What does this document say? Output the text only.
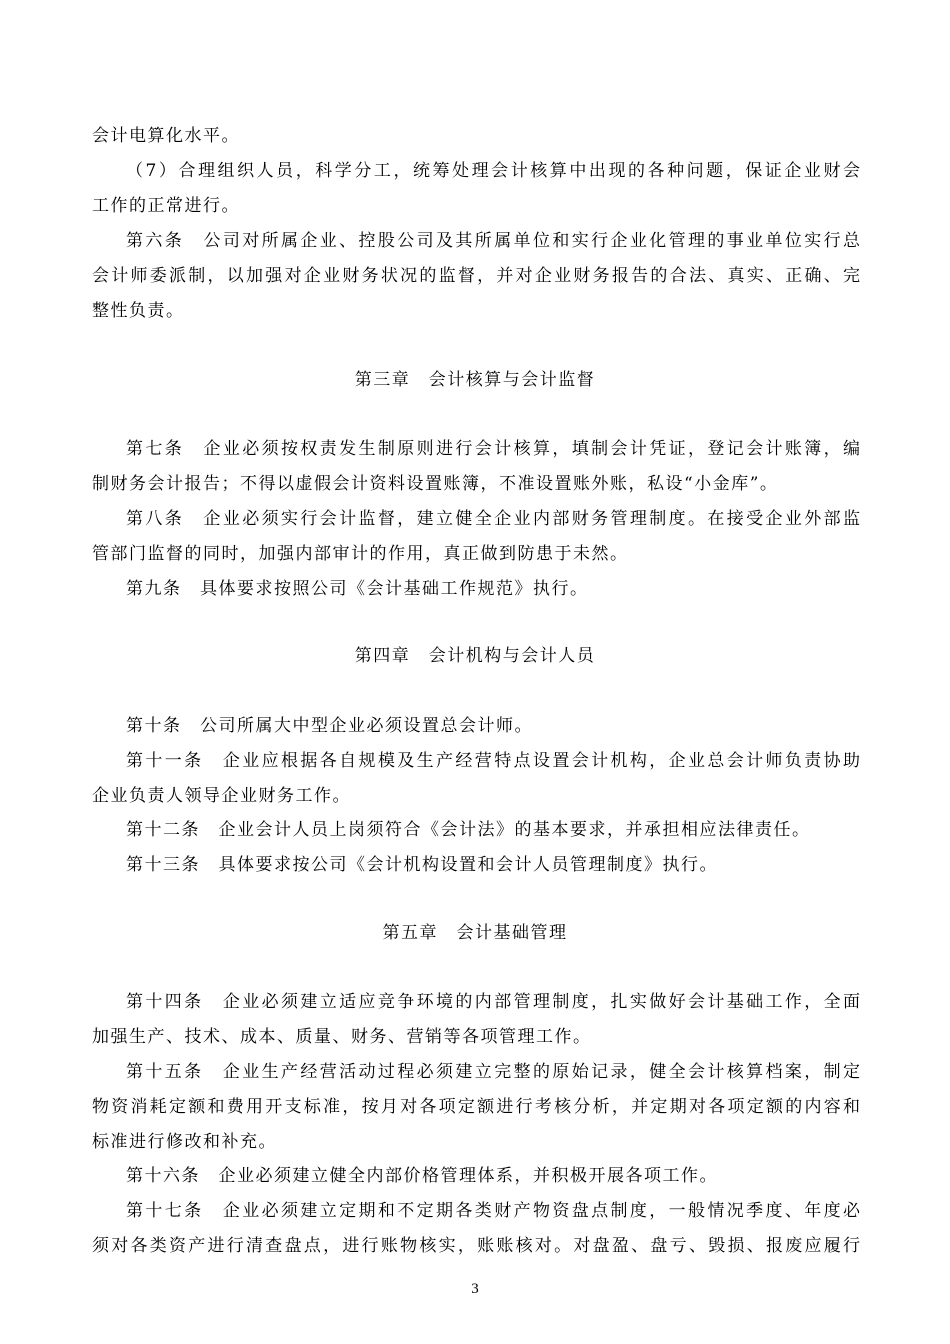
会计电算化水平。
（7）合理组织人员，科学分工，统筹处理会计核算中出现的各种问题，保证企业财会
工作的正常进行。
第六条　公司对所属企业、控股公司及其所属单位和实行企业化管理的事业单位实行总
会计师委派制，以加强对企业财务状况的监督，并对企业财务报告的合法、真实、正确、完
整性负责。
第三章　会计核算与会计监督
第七条　企业必须按权责发生制原则进行会计核算，填制会计凭证，登记会计账簿，编
制财务会计报告；不得以虚假会计资料设置账簿，不准设置账外账，私设“小金库”。
第八条　企业必须实行会计监督，建立健全企业内部财务管理制度。在接受企业外部监
管部门监督的同时，加强内部审计的作用，真正做到防患于未然。
第九条　具体要求按照公司《会计基础工作规范》执行。
第四章　会计机构与会计人员
第十条　公司所属大中型企业必须设置总会计师。
第十一条　企业应根据各自规模及生产经营特点设置会计机构，企业总会计师负责协助
企业负责人领导企业财务工作。
第十二条　企业会计人员上岗须符合《会计法》的基本要求，并承担相应法律责任。
第十三条　具体要求按公司《会计机构设置和会计人员管理制度》执行。
第五章　会计基础管理
第十四条　企业必须建立适应竞争环境的内部管理制度，扎实做好会计基础工作，全面
加强生产、技术、成本、质量、财务、营销等各项管理工作。
第十五条　企业生产经营活动过程必须建立完整的原始记录，健全会计核算档案，制定
物资消耗定额和费用开支标准，按月对各项定额进行考核分析，并定期对各项定额的内容和
标准进行修改和补充。
第十六条　企业必须建立健全内部价格管理体系，并积极开展各项工作。
第十七条　企业必须建立定期和不定期各类财产物资盘点制度，一般情况季度、年度必
须对各类资产进行清查盘点，进行账物核实，账账核对。对盘盈、盘亏、毁损、报废应履行
3
